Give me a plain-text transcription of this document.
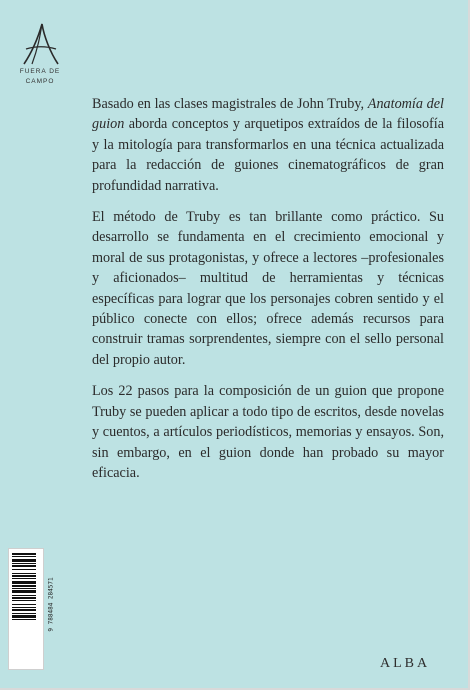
FUERA DE
CAMPO

Basado en las clases magistrales de John Truby, Anatomía del guion aborda conceptos y arquetipos extraídos de la filosofía y la mitología para transformarlos en una técnica actualizada para la redacción de guiones cinematográficos de gran profundidad narrativa.

El método de Truby es tan brillante como práctico. Su desarrollo se fundamenta en el crecimiento emocional y moral de sus protagonistas, y ofrece a lectores –profesionales y aficionados– multitud de herramientas y técnicas específicas para lograr que los personajes cobren sentido y el público conecte con ellos; ofrece además recursos para construir tramas sorprendentes, siempre con el sello personal del propio autor.

Los 22 pasos para la composición de un guion que propone Truby se pueden aplicar a todo tipo de escritos, desde novelas y cuentos, a artículos periodísticos, memorias y ensayos. Son, sin embargo, en el guion donde han probado su mayor eficacia.

9 788484 284571
ALBA
